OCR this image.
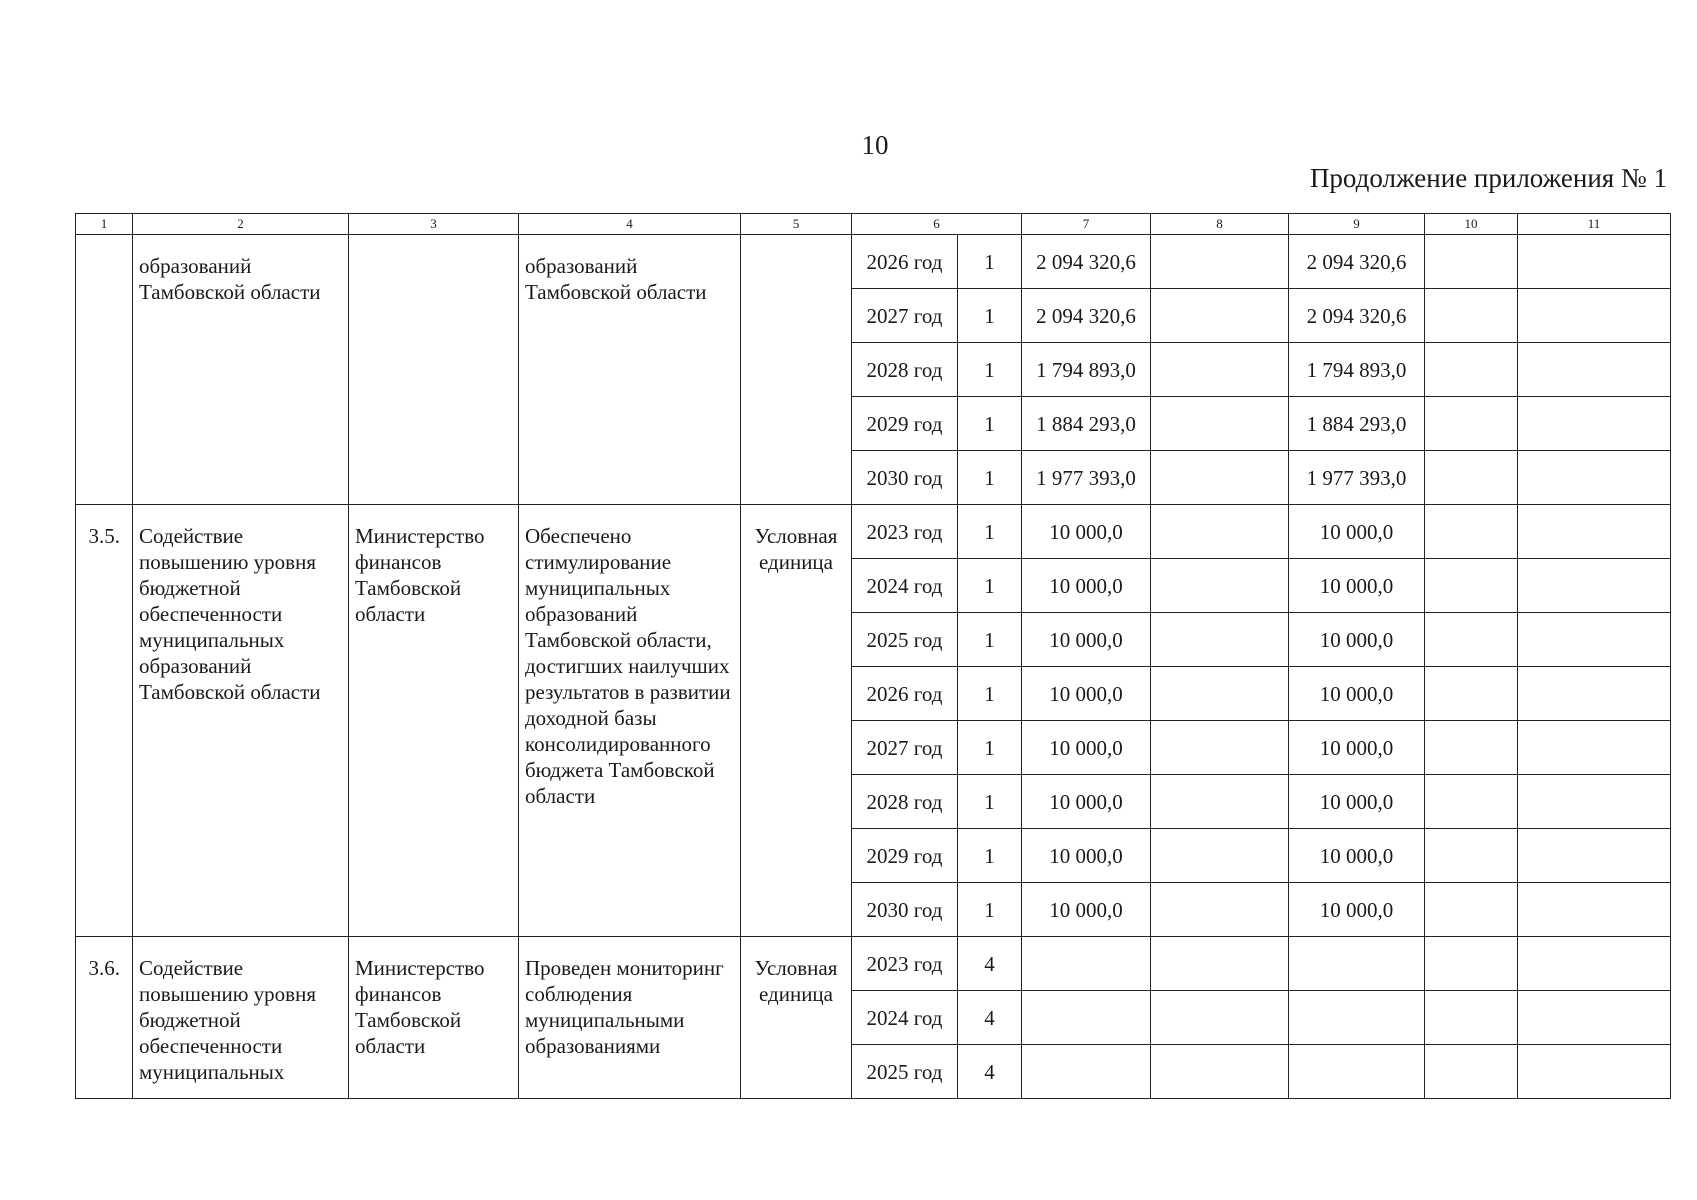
10
Продолжение приложения № 1
1	2	3	4	5	6		7	8	9	10	11
	образований Тамбовской области		образований Тамбовской области		2026 год	1	2 094 320,6		2 094 320,6		
					2027 год	1	2 094 320,6		2 094 320,6		
					2028 год	1	1 794 893,0		1 794 893,0		
					2029 год	1	1 884 293,0		1 884 293,0		
					2030 год	1	1 977 393,0		1 977 393,0		
3.5.	Содействие повышению уровня бюджетной обеспеченности муниципальных образований Тамбовской области	Министерство финансов Тамбовской области	Обеспечено стимулирование муниципальных образований Тамбовской области, достигших наилучших результатов в развитии доходной базы консолидированного бюджета Тамбовской области	Условная единица	2023 год	1	10 000,0		10 000,0		
					2024 год	1	10 000,0		10 000,0		
					2025 год	1	10 000,0		10 000,0		
					2026 год	1	10 000,0		10 000,0		
					2027 год	1	10 000,0		10 000,0		
					2028 год	1	10 000,0		10 000,0		
					2029 год	1	10 000,0		10 000,0		
					2030 год	1	10 000,0		10 000,0		
3.6.	Содействие повышению уровня бюджетной обеспеченности муниципальных	Министерство финансов Тамбовской области	Проведен мониторинг соблюдения муниципальными образованиями	Условная единица	2023 год	4					
					2024 год	4					
					2025 год	4					
